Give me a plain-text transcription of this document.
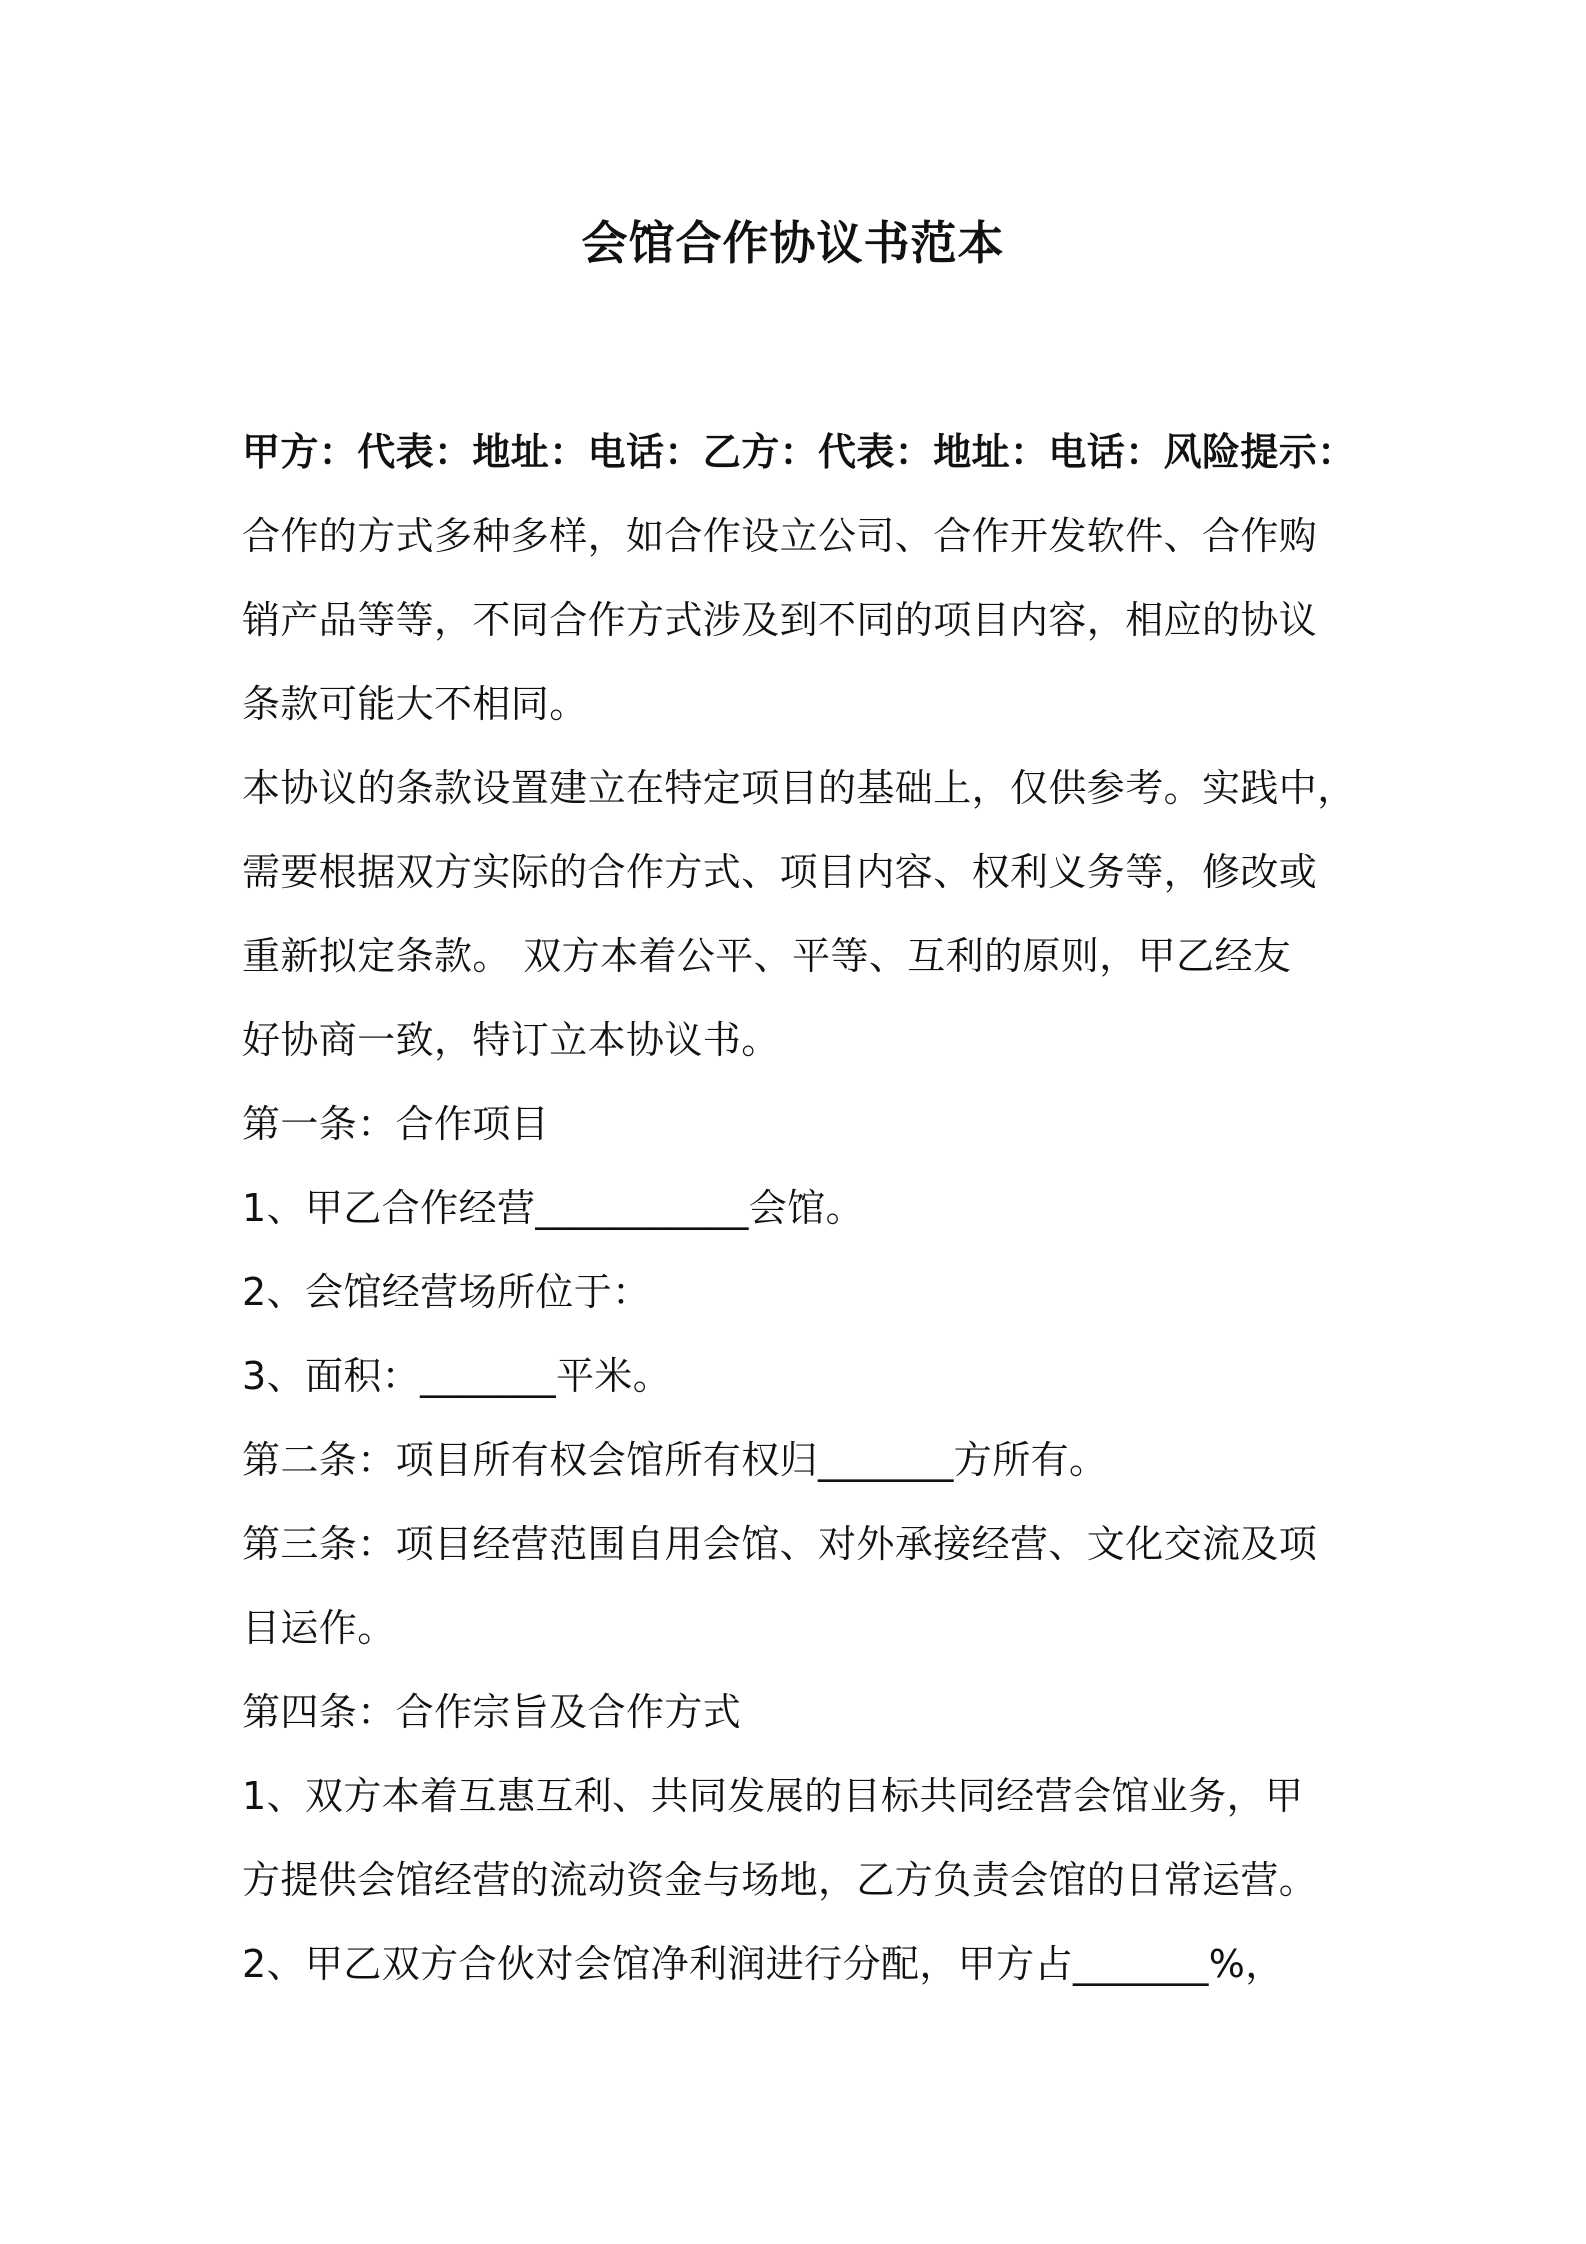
会馆合作协议书范本
甲方：代表：地址：电话：乙方：代表：地址：电话：风险提示：
合作的方式多种多样，如合作设立公司、合作开发软件、合作购
销产品等等，不同合作方式涉及到不同的项目内容，相应的协议
条款可能大不相同。
本协议的条款设置建立在特定项目的基础上，仅供参考。实践中，
需要根据双方实际的合作方式、项目内容、权利义务等，修改或
重新拟定条款。 双方本着公平、平等、互利的原则，甲乙经友
好协商一致，特订立本协议书。
第一条：合作项目
1、甲乙合作经营___________会馆。
2、会馆经营场所位于：
3、面积：_______平米。
第二条：项目所有权会馆所有权归_______方所有。
第三条：项目经营范围自用会馆、对外承接经营、文化交流及项
目运作。
第四条：合作宗旨及合作方式
1、双方本着互惠互利、共同发展的目标共同经营会馆业务，甲
方提供会馆经营的流动资金与场地，乙方负责会馆的日常运营。
2、甲乙双方合伙对会馆净利润进行分配，甲方占_______%，
